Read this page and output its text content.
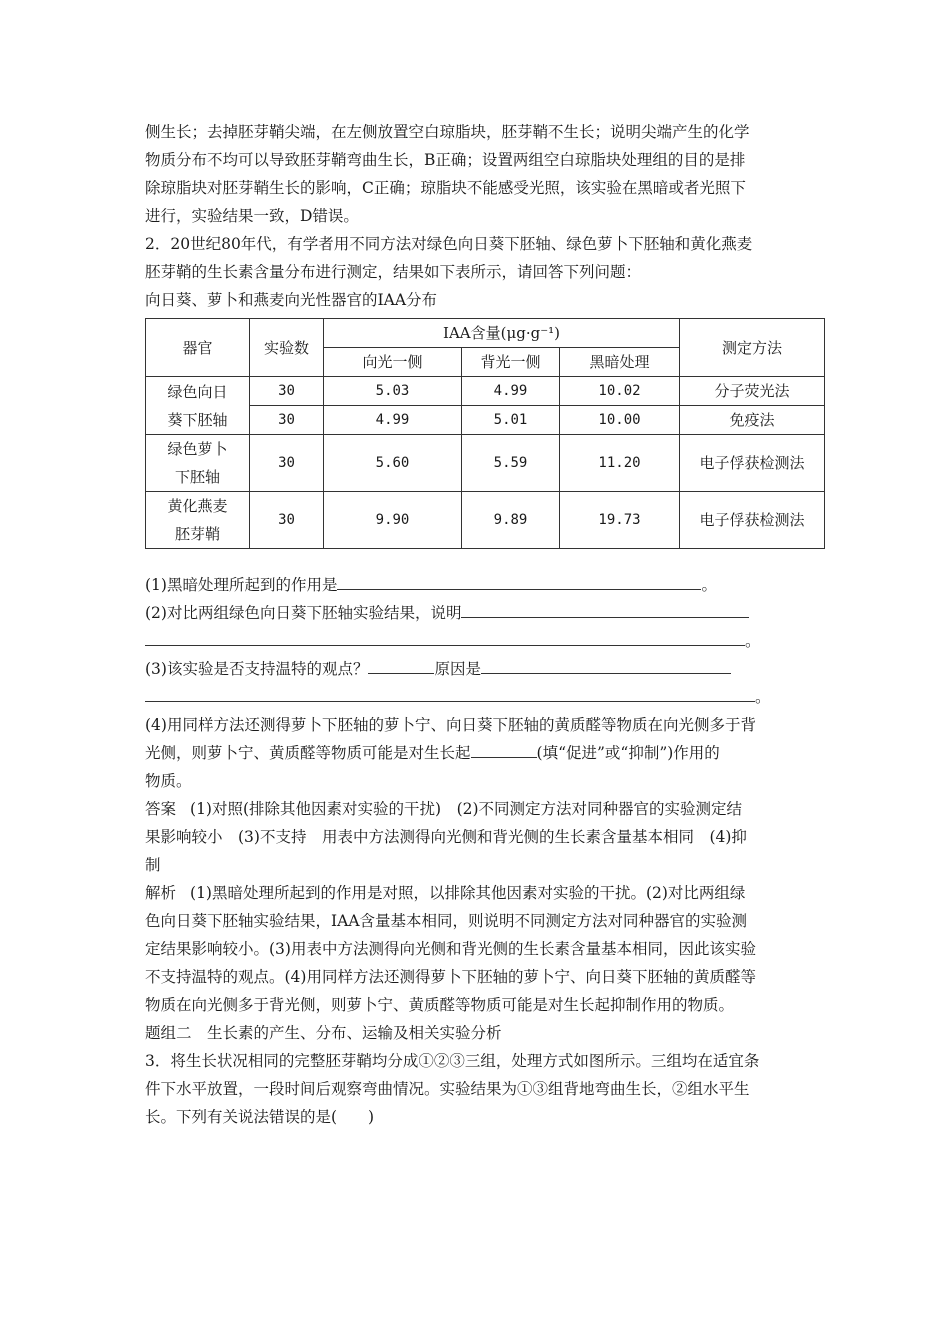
侧生长；去掉胚芽鞘尖端，在左侧放置空白琼脂块，胚芽鞘不生长；说明尖端产生的化学
物质分布不均可以导致胚芽鞘弯曲生长，B正确；设置两组空白琼脂块处理组的目的是排
除琼脂块对胚芽鞘生长的影响，C正确；琼脂块不能感受光照，该实验在黑暗或者光照下
进行，实验结果一致，D错误。

2．20世纪80年代，有学者用不同方法对绿色向日葵下胚轴、绿色萝卜下胚轴和黄化燕麦
胚芽鞘的生长素含量分布进行测定，结果如下表所示，请回答下列问题：

向日葵、萝卜和燕麦向光性器官的IAA分布

器官	实验数	IAA含量(μg·g⁻¹)			测定方法
		向光一侧	背光一侧	黑暗处理	

绿色向日
葵下胚轴	30	5.03	4.99	10.02	分子荧光法
	30	4.99	5.01	10.00	免疫法

绿色萝卜
下胚轴	30	5.60	5.59	11.20	电子俘获检测法

黄化燕麦
胚芽鞘	30	9.90	9.89	19.73	电子俘获检测法

(1)黑暗处理所起到的作用是	。

(2)对比两组绿色向日葵下胚轴实验结果，说明
。

(3)该实验是否支持温特的观点？	原因是
。

(4)用同样方法还测得萝卜下胚轴的萝卜宁、向日葵下胚轴的黄质醛等物质在向光侧多于背
光侧，则萝卜宁、黄质醛等物质可能是对生长起	(填“促进”或“抑制”)作用的
物质。

答案 (1)对照(排除其他因素对实验的干扰)　(2)不同测定方法对同种器官的实验测定结
果影响较小　(3)不支持　用表中方法测得向光侧和背光侧的生长素含量基本相同　(4)抑
制

解析 (1)黑暗处理所起到的作用是对照，以排除其他因素对实验的干扰。(2)对比两组绿
色向日葵下胚轴实验结果，IAA含量基本相同，则说明不同测定方法对同种器官的实验测
定结果影响较小。(3)用表中方法测得向光侧和背光侧的生长素含量基本相同，因此该实验
不支持温特的观点。(4)用同样方法还测得萝卜下胚轴的萝卜宁、向日葵下胚轴的黄质醛等
物质在向光侧多于背光侧，则萝卜宁、黄质醛等物质可能是对生长起抑制作用的物质。

题组二　生长素的产生、分布、运输及相关实验分析

3．将生长状况相同的完整胚芽鞘均分成①②③三组，处理方式如图所示。三组均在适宜条
件下水平放置，一段时间后观察弯曲情况。实验结果为①③组背地弯曲生长，②组水平生
长。下列有关说法错误的是(　　)
